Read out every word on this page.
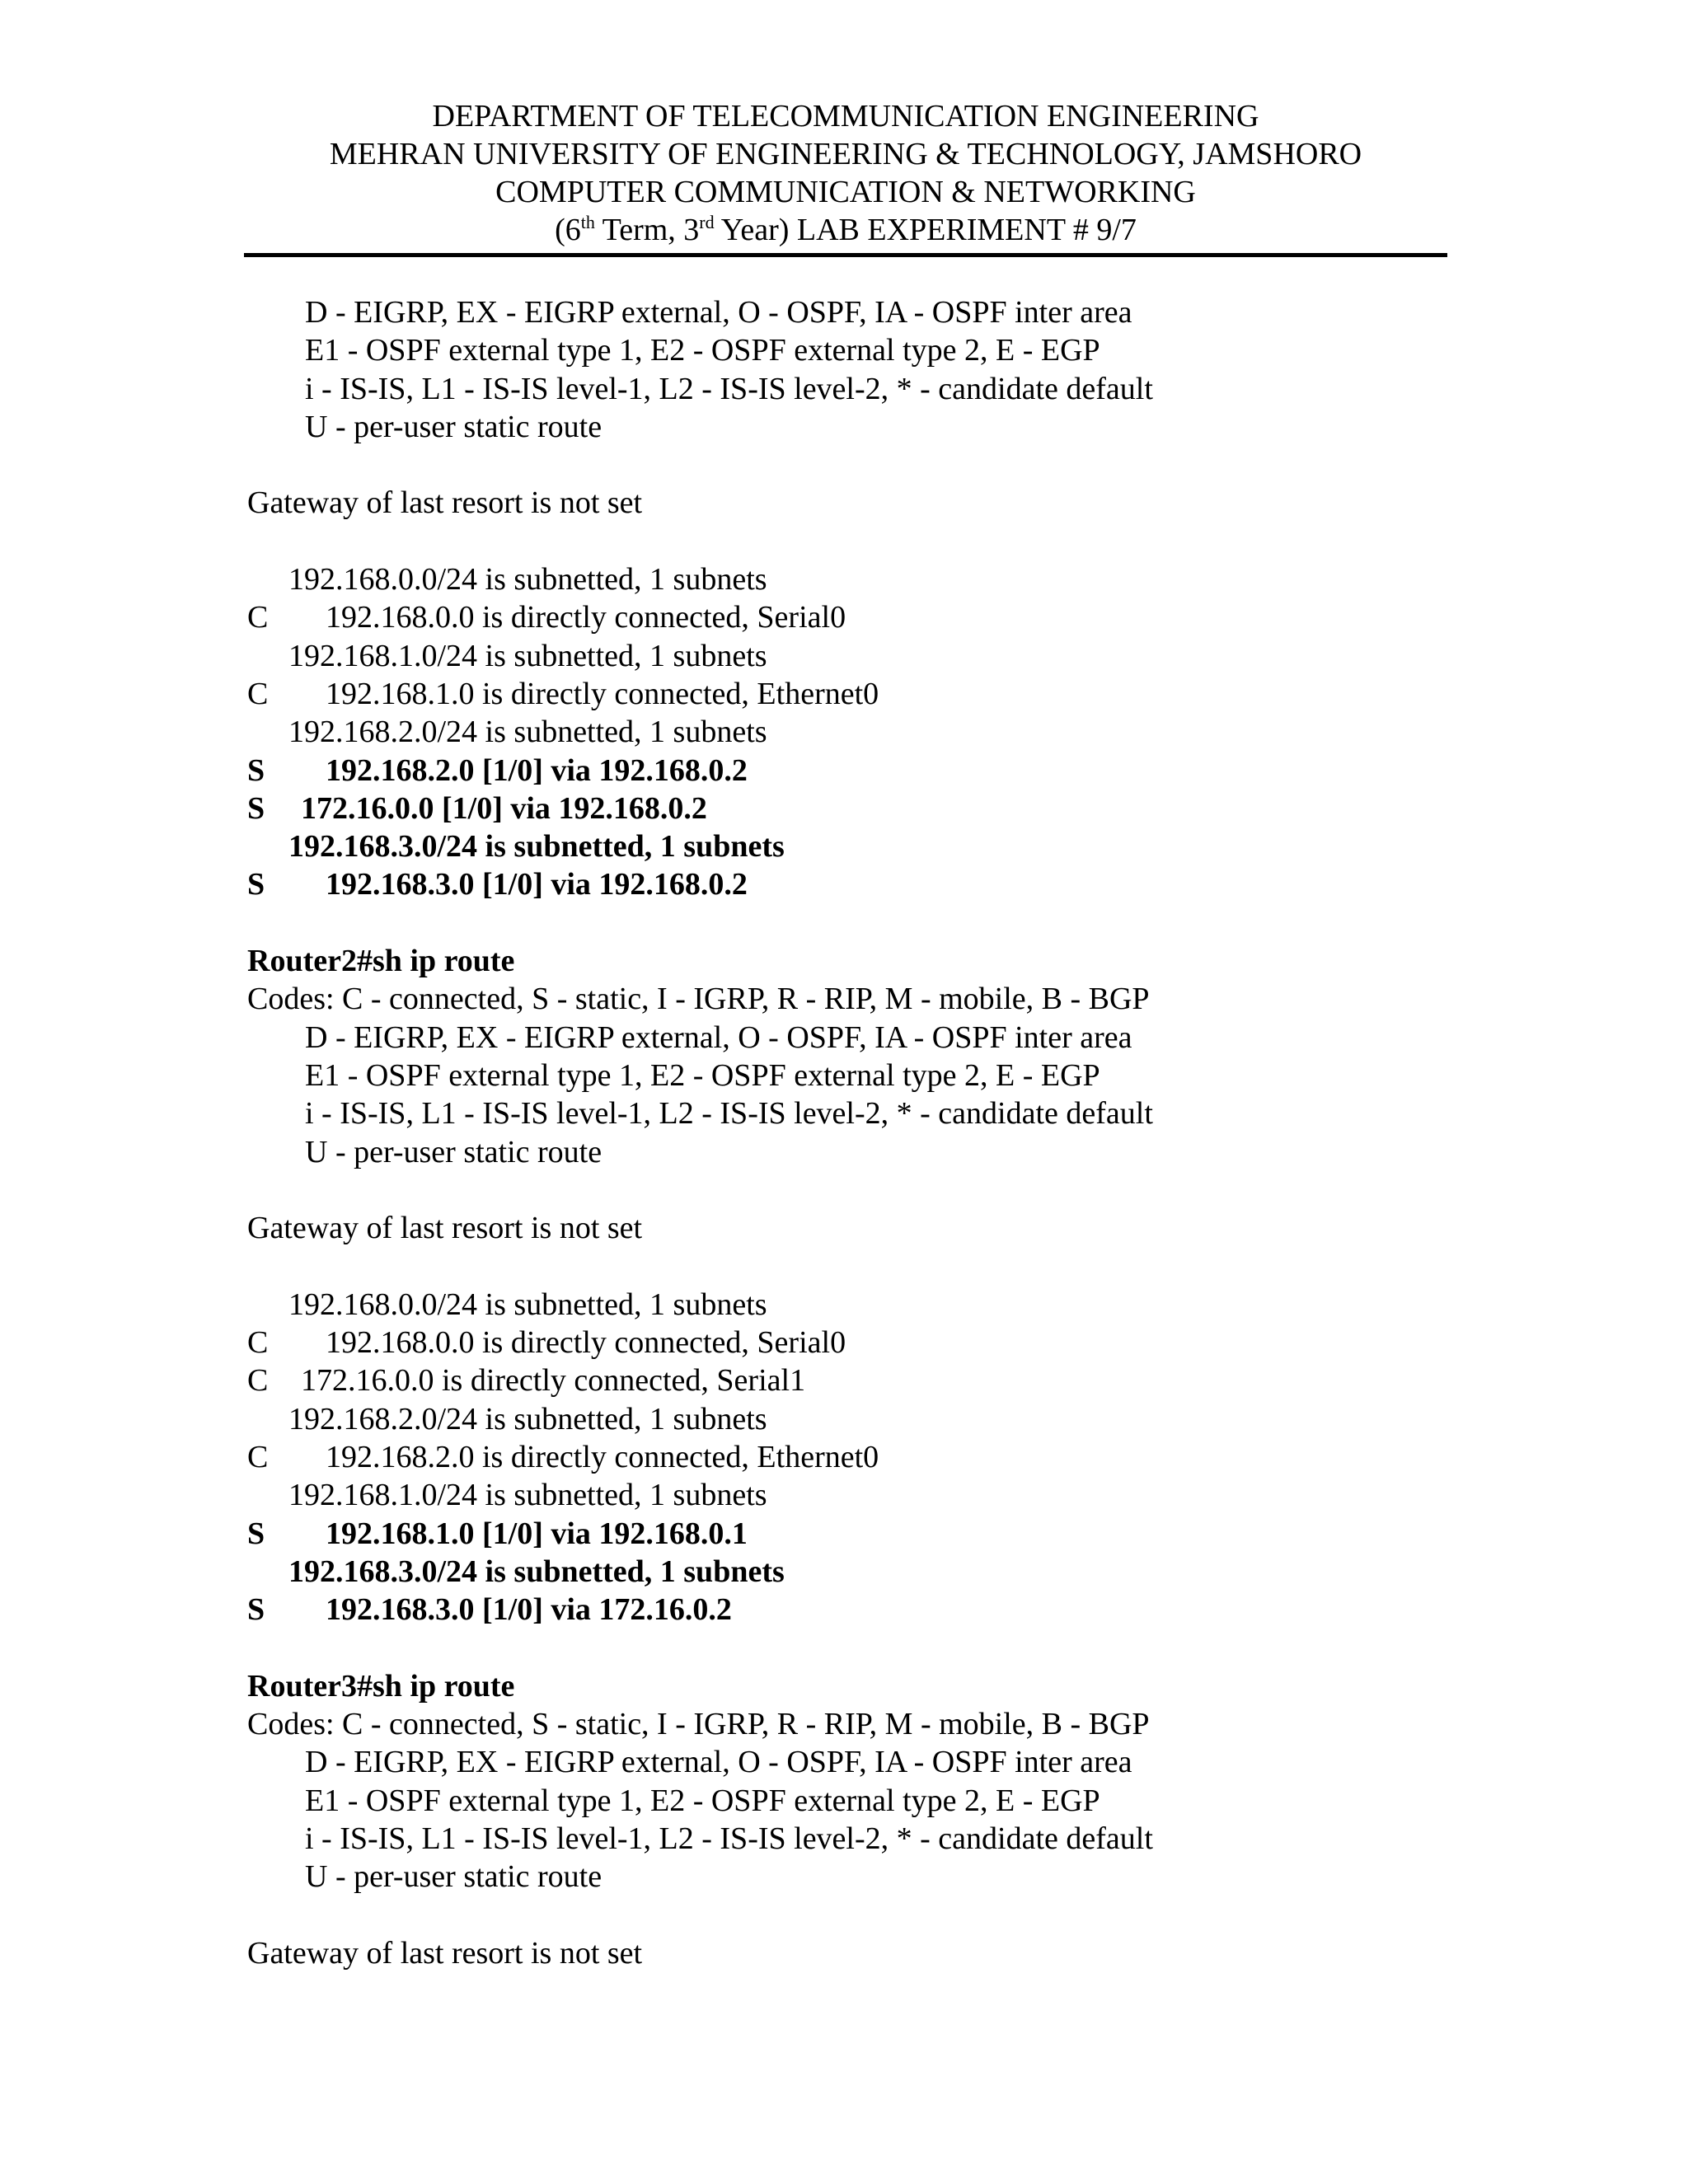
DEPARTMENT OF TELECOMMUNICATION ENGINEERING
MEHRAN UNIVERSITY OF ENGINEERING & TECHNOLOGY, JAMSHORO
COMPUTER COMMUNICATION & NETWORKING
(6th Term, 3rd Year) LAB EXPERIMENT # 9/7
D - EIGRP, EX - EIGRP external, O - OSPF, IA - OSPF inter area
E1 - OSPF external type 1, E2 - OSPF external type 2, E - EGP
i - IS-IS, L1 - IS-IS level-1, L2 - IS-IS level-2, * - candidate default
U - per-user static route
Gateway of last resort is not set
192.168.0.0/24 is subnetted, 1 subnets
C 192.168.0.0 is directly connected, Serial0
192.168.1.0/24 is subnetted, 1 subnets
C 192.168.1.0 is directly connected, Ethernet0
192.168.2.0/24 is subnetted, 1 subnets
S 192.168.2.0 [1/0] via 192.168.0.2
S 172.16.0.0 [1/0] via 192.168.0.2
192.168.3.0/24 is subnetted, 1 subnets
S 192.168.3.0 [1/0] via 192.168.0.2
Router2#sh ip route
Codes: C - connected, S - static, I - IGRP, R - RIP, M - mobile, B - BGP
D - EIGRP, EX - EIGRP external, O - OSPF, IA - OSPF inter area
E1 - OSPF external type 1, E2 - OSPF external type 2, E - EGP
i - IS-IS, L1 - IS-IS level-1, L2 - IS-IS level-2, * - candidate default
U - per-user static route
Gateway of last resort is not set
192.168.0.0/24 is subnetted, 1 subnets
C 192.168.0.0 is directly connected, Serial0
C 172.16.0.0 is directly connected, Serial1
192.168.2.0/24 is subnetted, 1 subnets
C 192.168.2.0 is directly connected, Ethernet0
192.168.1.0/24 is subnetted, 1 subnets
S 192.168.1.0 [1/0] via 192.168.0.1
192.168.3.0/24 is subnetted, 1 subnets
S 192.168.3.0 [1/0] via 172.16.0.2
Router3#sh ip route
Codes: C - connected, S - static, I - IGRP, R - RIP, M - mobile, B - BGP
D - EIGRP, EX - EIGRP external, O - OSPF, IA - OSPF inter area
E1 - OSPF external type 1, E2 - OSPF external type 2, E - EGP
i - IS-IS, L1 - IS-IS level-1, L2 - IS-IS level-2, * - candidate default
U - per-user static route
Gateway of last resort is not set
